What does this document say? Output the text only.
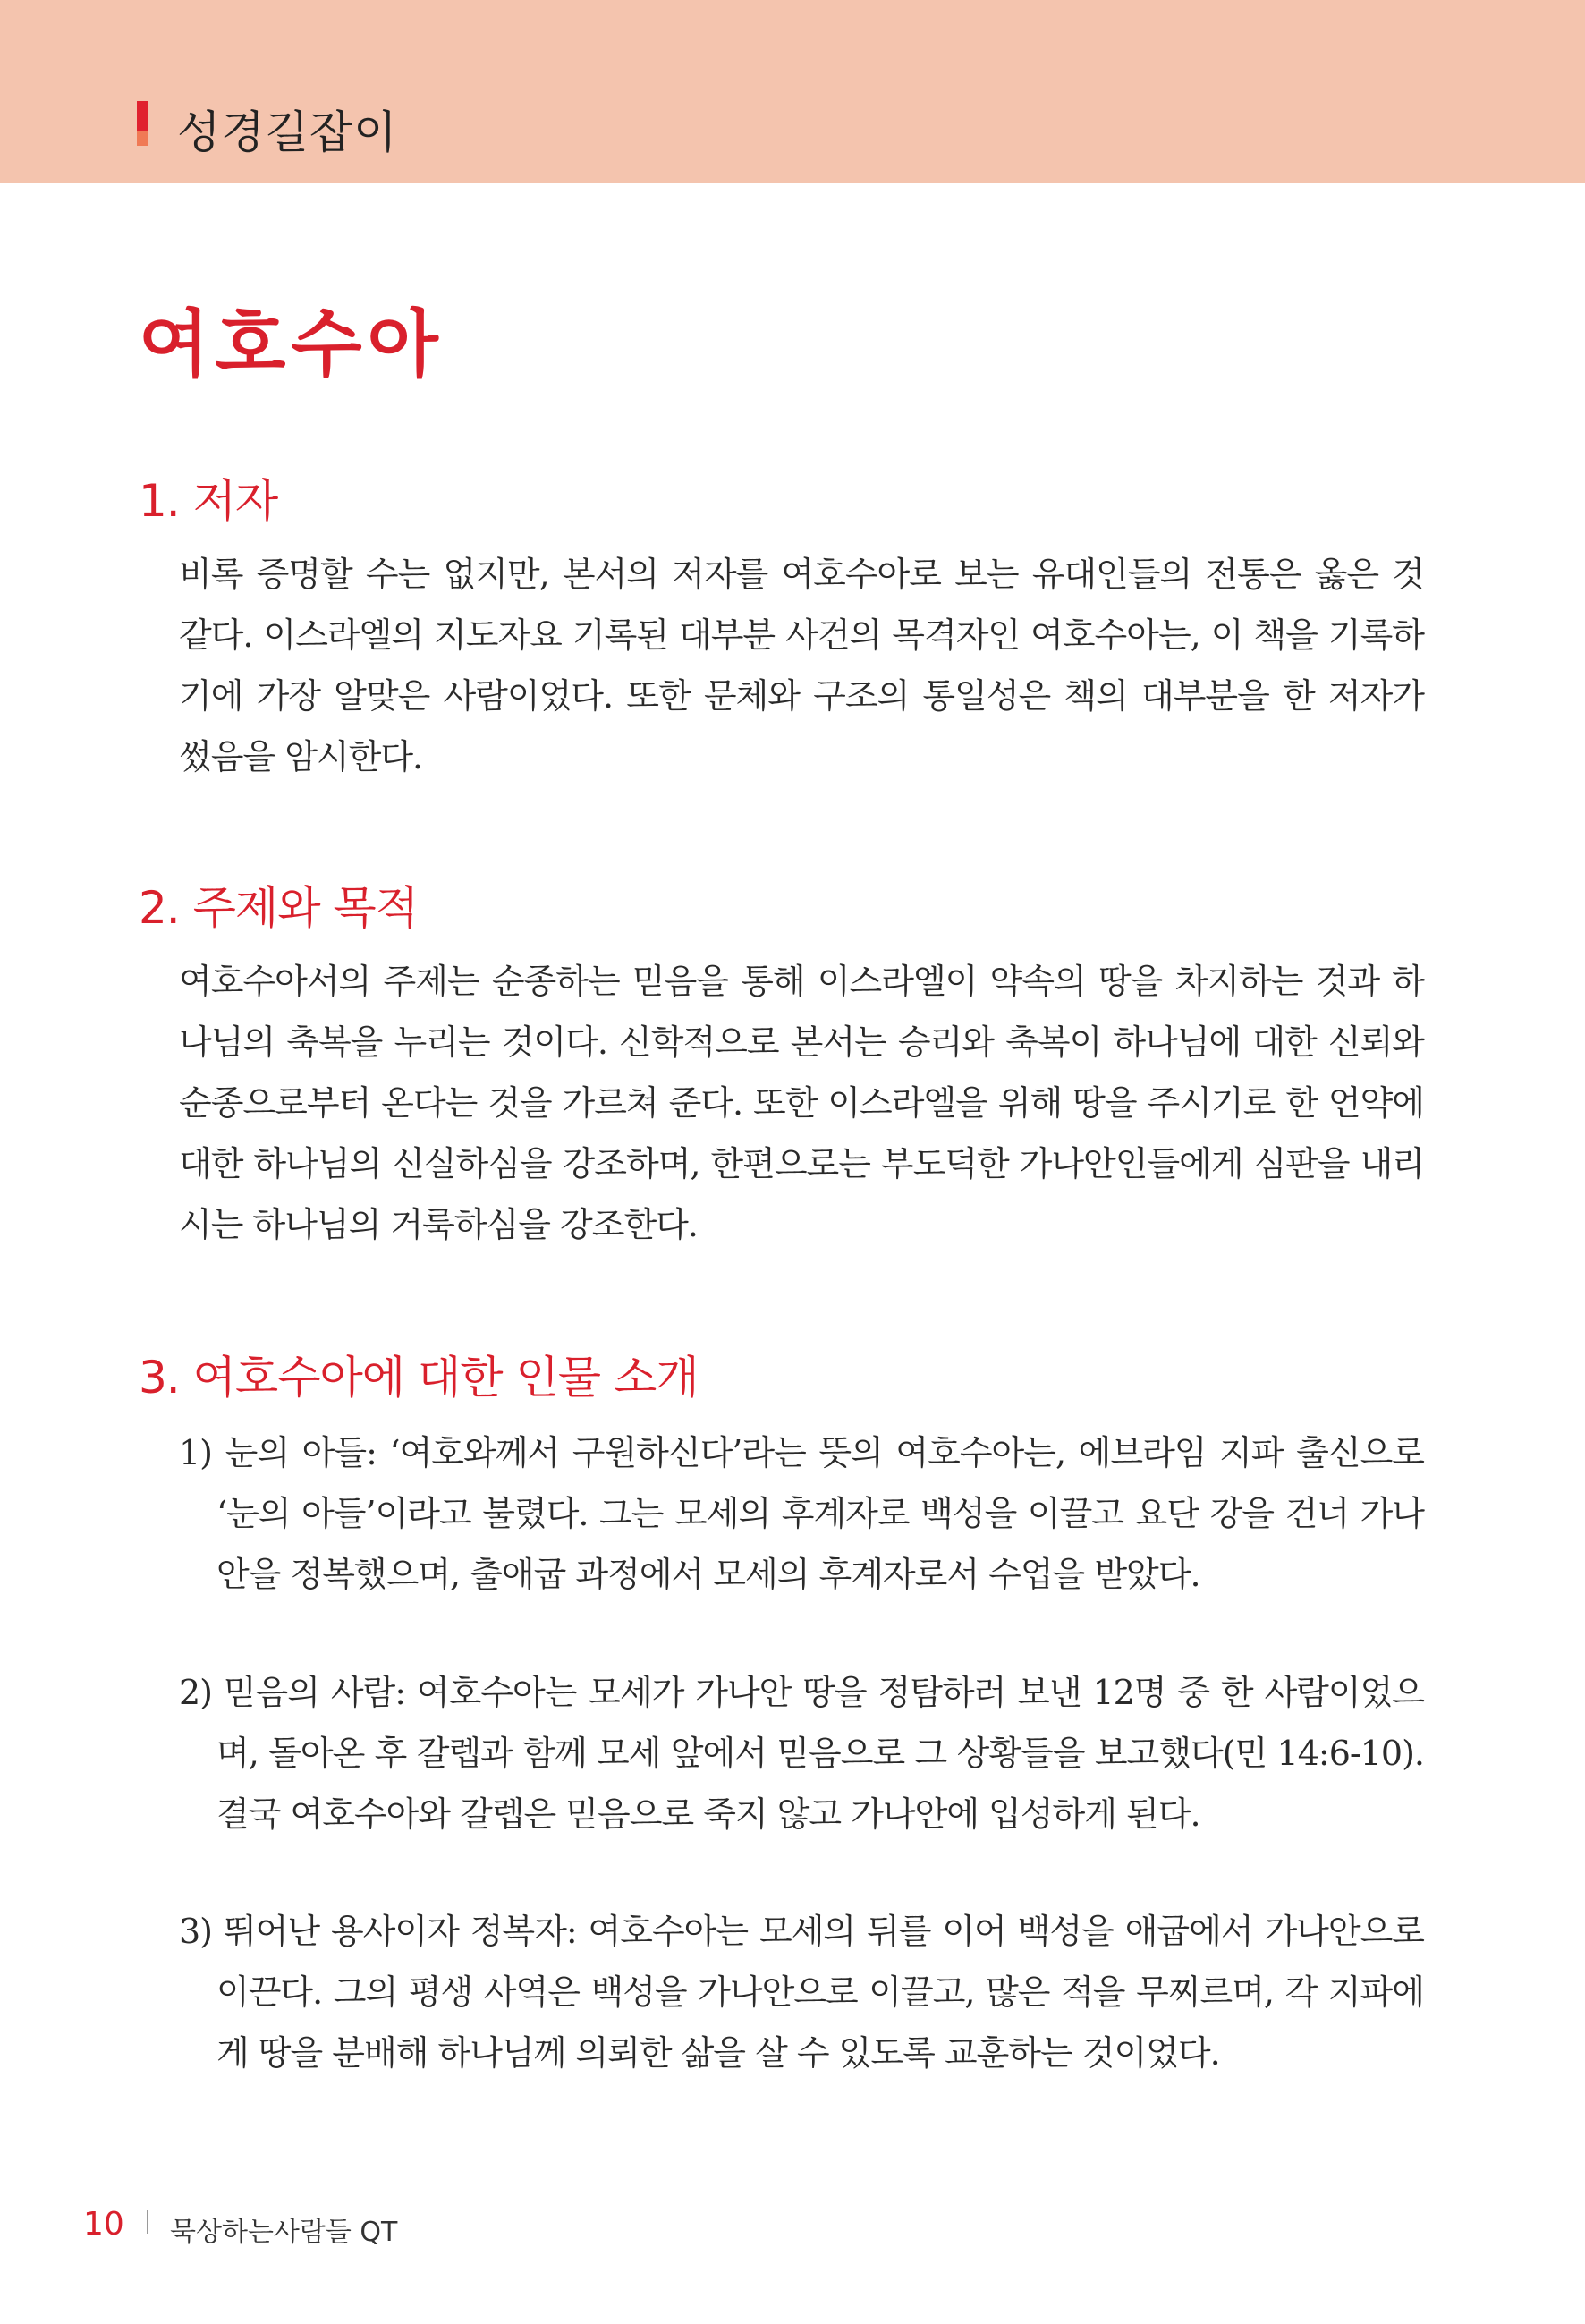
성경길잡이
여호수아
1. 저자

비록 증명할 수는 없지만, 본서의 저자를 여호수아로 보는 유대인들의 전통은 옳은 것 같다. 이스라엘의 지도자요 기록된 대부분 사건의 목격자인 여호수아는, 이 책을 기록하기에 가장 알맞은 사람이었다. 또한 문체와 구조의 통일성은 책의 대부분을 한 저자가 썼음을 암시한다.

2. 주제와 목적

여호수아서의 주제는 순종하는 믿음을 통해 이스라엘이 약속의 땅을 차지하는 것과 하나님의 축복을 누리는 것이다. 신학적으로 본서는 승리와 축복이 하나님에 대한 신뢰와 순종으로부터 온다는 것을 가르쳐 준다. 또한 이스라엘을 위해 땅을 주시기로 한 언약에 대한 하나님의 신실하심을 강조하며, 한편으로는 부도덕한 가나안인들에게 심판을 내리시는 하나님의 거룩하심을 강조한다.

3. 여호수아에 대한 인물 소개

1) 눈의 아들: ‘여호와께서 구원하신다’라는 뜻의 여호수아는, 에브라임 지파 출신으로 ‘눈의 아들’이라고 불렸다. 그는 모세의 후계자로 백성을 이끌고 요단 강을 건너 가나안을 정복했으며, 출애굽 과정에서 모세의 후계자로서 수업을 받았다.

2) 믿음의 사람: 여호수아는 모세가 가나안 땅을 정탐하러 보낸 12명 중 한 사람이었으며, 돌아온 후 갈렙과 함께 모세 앞에서 믿음으로 그 상황들을 보고했다(민 14:6-10). 결국 여호수아와 갈렙은 믿음으로 죽지 않고 가나안에 입성하게 된다.

3) 뛰어난 용사이자 정복자: 여호수아는 모세의 뒤를 이어 백성을 애굽에서 가나안으로 이끈다. 그의 평생 사역은 백성을 가나안으로 이끌고, 많은 적을 무찌르며, 각 지파에게 땅을 분배해 하나님께 의뢰한 삶을 살 수 있도록 교훈하는 것이었다.

10 묵상하는사람들 QT
